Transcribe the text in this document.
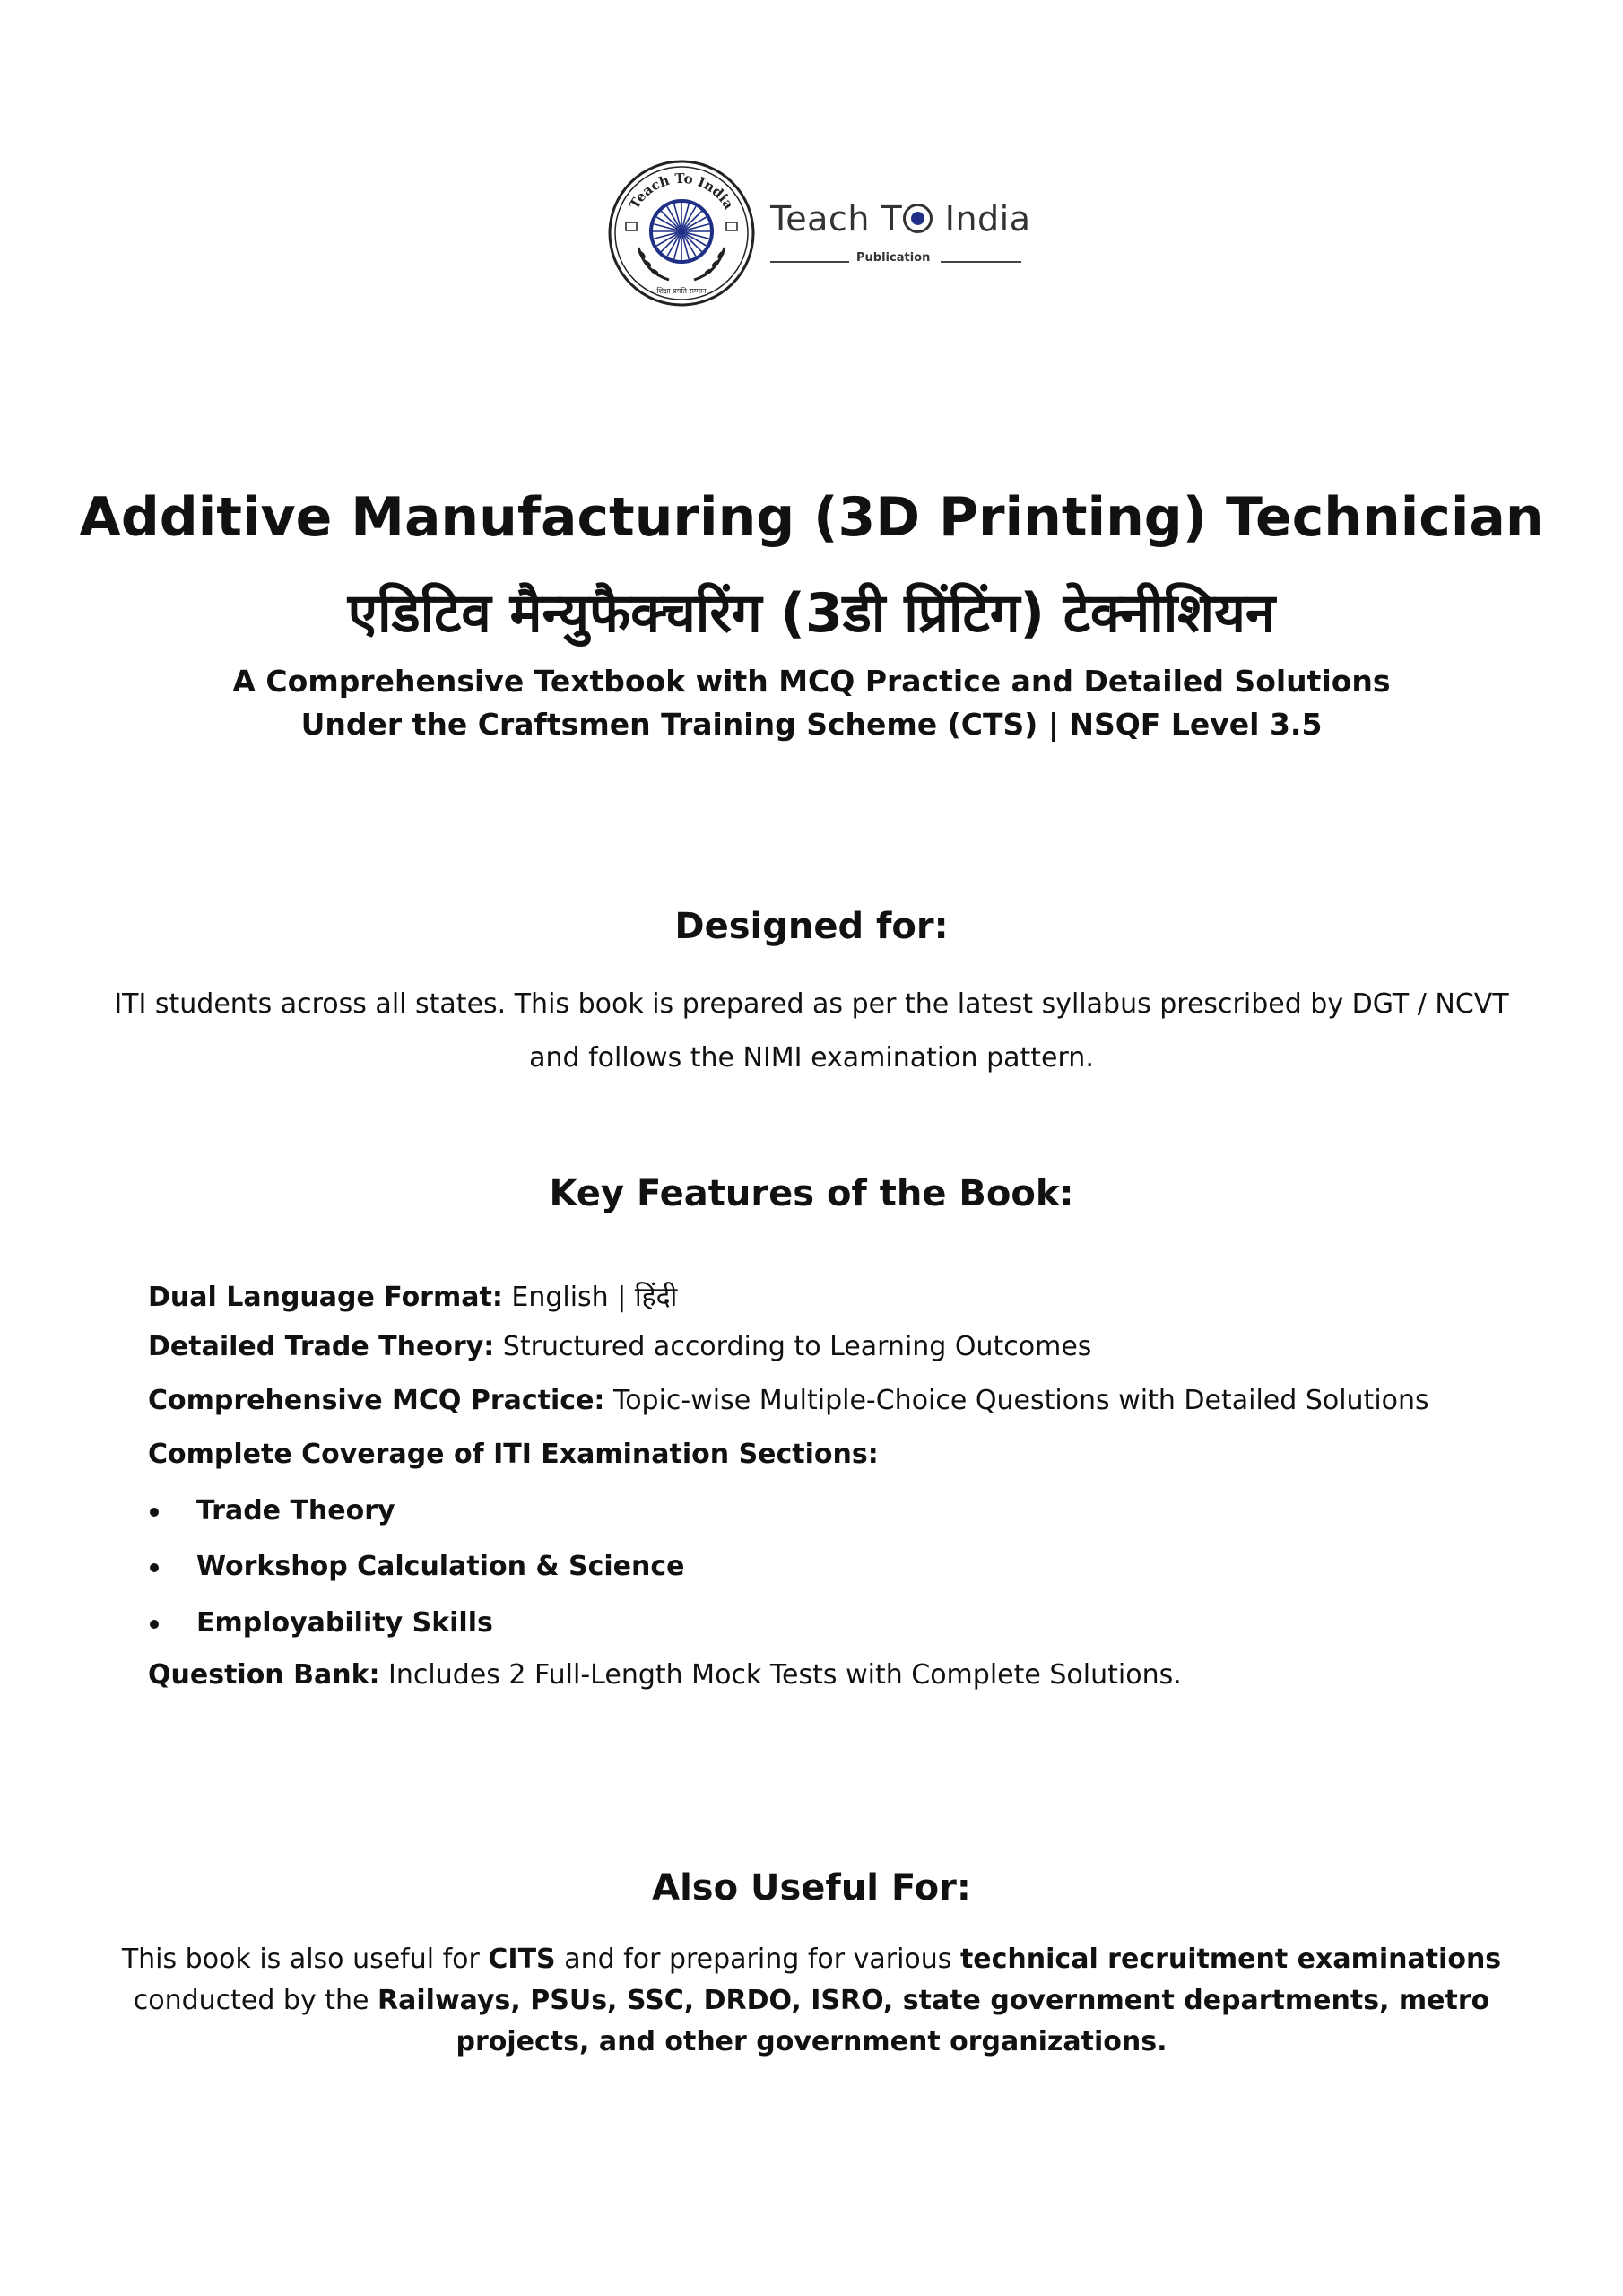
Teach To India
शिक्षा प्रगति सम्मान
Teach T India
Publication
Additive Manufacturing (3D Printing) Technician
एडिटिव मैन्युफैक्चरिंग (3डी प्रिंटिंग) टेक्नीशियन
A Comprehensive Textbook with MCQ Practice and Detailed Solutions
Under the Craftsmen Training Scheme (CTS) | NSQF Level 3.5
Designed for:
ITI students across all states. This book is prepared as per the latest syllabus prescribed by DGT / NCVT and follows the NIMI examination pattern.
Key Features of the Book:
Dual Language Format: English | हिंदी
Detailed Trade Theory: Structured according to Learning Outcomes
Comprehensive MCQ Practice: Topic-wise Multiple-Choice Questions with Detailed Solutions
Complete Coverage of ITI Examination Sections:
Trade Theory
Workshop Calculation & Science
Employability Skills
Question Bank: Includes 2 Full-Length Mock Tests with Complete Solutions.
Also Useful For:
This book is also useful for CITS and for preparing for various technical recruitment examinations conducted by the Railways, PSUs, SSC, DRDO, ISRO, state government departments, metro projects, and other government organizations.
